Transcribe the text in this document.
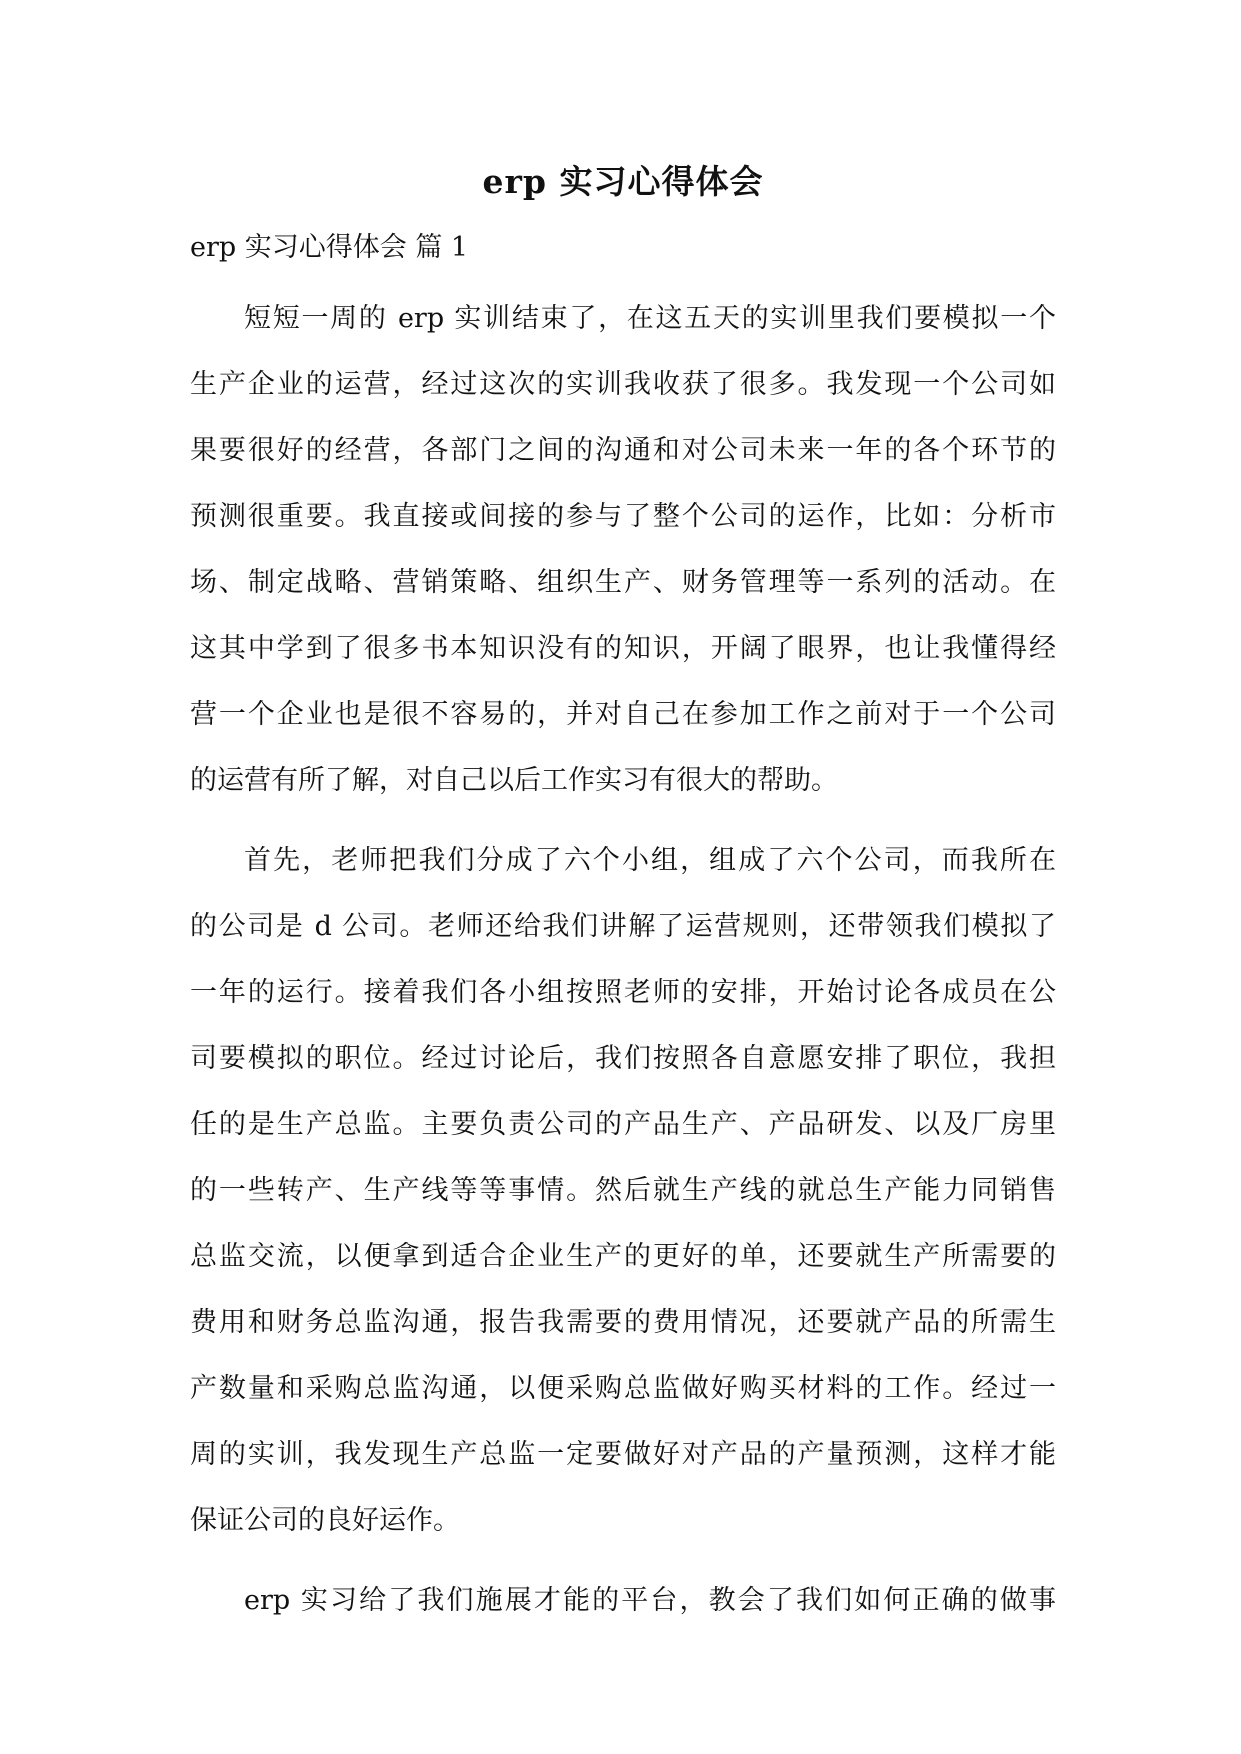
erp 实习心得体会
erp 实习心得体会 篇 1

短短一周的 erp 实训结束了，在这五天的实训里我们要模拟一个
生产企业的运营，经过这次的实训我收获了很多。我发现一个公司如
果要很好的经营，各部门之间的沟通和对公司未来一年的各个环节的
预测很重要。我直接或间接的参与了整个公司的运作，比如：分析市
场、制定战略、营销策略、组织生产、财务管理等一系列的活动。在
这其中学到了很多书本知识没有的知识，开阔了眼界，也让我懂得经
营一个企业也是很不容易的，并对自己在参加工作之前对于一个公司
的运营有所了解，对自己以后工作实习有很大的帮助。

首先，老师把我们分成了六个小组，组成了六个公司，而我所在
的公司是 d 公司。老师还给我们讲解了运营规则，还带领我们模拟了
一年的运行。接着我们各小组按照老师的安排，开始讨论各成员在公
司要模拟的职位。经过讨论后，我们按照各自意愿安排了职位，我担
任的是生产总监。主要负责公司的产品生产、产品研发、以及厂房里
的一些转产、生产线等等事情。然后就生产线的就总生产能力同销售
总监交流，以便拿到适合企业生产的更好的单，还要就生产所需要的
费用和财务总监沟通，报告我需要的费用情况，还要就产品的所需生
产数量和采购总监沟通，以便采购总监做好购买材料的工作。经过一
周的实训，我发现生产总监一定要做好对产品的产量预测，这样才能
保证公司的良好运作。

erp 实习给了我们施展才能的平台，教会了我们如何正确的做事
